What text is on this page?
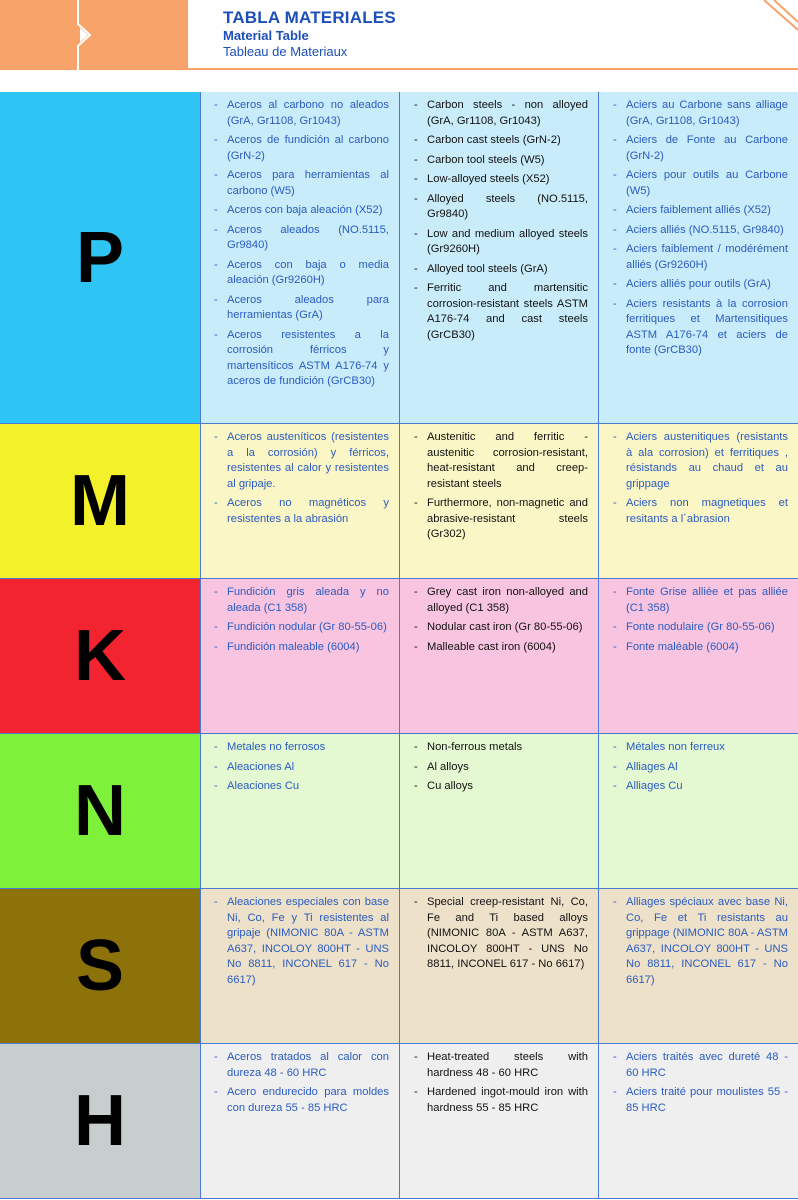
TABLA MATERIALES
Material Table
Tableau de Materiaux
P
- Aceros al carbono no aleados (GrA, Gr1108, Gr1043)
- Aceros de fundición al carbono (GrN-2)
- Aceros para herramientas al carbono (W5)
- Aceros con baja aleación (X52)
- Aceros aleados (NO.5115, Gr9840)
- Aceros con baja o media aleación (Gr9260H)
- Aceros aleados para herramientas (GrA)
- Aceros resistentes a la corrosión férricos y martensíticos ASTM A176-74 y aceros de fundición (GrCB30)
- Carbon steels - non alloyed (GrA, Gr1108, Gr1043)
- Carbon cast steels (GrN-2)
- Carbon tool steels (W5)
- Low-alloyed steels (X52)
- Alloyed steels (NO.5115, Gr9840)
- Low and medium alloyed steels (Gr9260H)
- Alloyed tool steels (GrA)
- Ferritic and martensitic corrosion-resistant steels ASTM A176-74 and cast steels (GrCB30)
- Aciers au Carbone sans alliage (GrA, Gr1108, Gr1043)
- Aciers de Fonte au Carbone (GrN-2)
- Aciers pour outils au Carbone (W5)
- Aciers faiblement alliés (X52)
- Aciers alliés (NO.5115, Gr9840)
- Aciers faiblement / modérément alliés (Gr9260H)
- Aciers alliés pour outils (GrA)
- Aciers resistants à la corrosion ferritiques et Martensitiques ASTM A176-74 et aciers de fonte (GrCB30)
M
- Aceros austeníticos (resistentes a la corrosión) y férricos, resistentes al calor y resistentes al gripaje.
- Aceros no magnéticos y resistentes a la abrasión
- Austenitic and ferritic - austenitic corrosion-resistant, heat-resistant and creep-resistant steels
- Furthermore, non-magnetic and abrasive-resistant steels (Gr302)
- Aciers austenitiques (resistants à ala corrosion) et ferritiques , résistands au chaud et au grippage
- Aciers non magnetiques et resitants a l´abrasion
K
- Fundición gris aleada y no aleada (C1 358)
- Fundición nodular (Gr 80-55-06)
- Fundición maleable (6004)
- Grey cast iron non-alloyed and alloyed (C1 358)
- Nodular cast iron (Gr 80-55-06)
- Malleable cast iron (6004)
- Fonte Grise alliée et pas alliée (C1 358)
- Fonte nodulaire (Gr 80-55-06)
- Fonte maléable (6004)
N
- Metales no ferrosos
- Aleaciones Al
- Aleaciones Cu
- Non-ferrous metals
- Al alloys
- Cu alloys
- Métales non ferreux
- Alliages Al
- Alliages Cu
S
- Aleaciones especiales con base Ni, Co, Fe y Ti resistentes al gripaje (NIMONIC 80A - ASTM A637, INCOLOY 800HT - UNS No 8811, INCONEL 617 - No 6617)
- Special creep-resistant Ni, Co, Fe and Ti based alloys (NIMONIC 80A - ASTM A637, INCOLOY 800HT - UNS No 8811, INCONEL 617 - No 6617)
- Alliages spéciaux avec base Ni, Co, Fe et Ti resistants au grippage (NIMONIC 80A - ASTM A637, INCOLOY 800HT - UNS No 8811, INCONEL 617 - No 6617)
H
- Aceros tratados al calor con dureza 48 - 60 HRC
- Acero endurecido para moldes con dureza 55 - 85 HRC
- Heat-treated steels with hardness 48 - 60 HRC
- Hardened ingot-mould iron with hardness 55 - 85 HRC
- Aciers traités avec dureté 48 - 60 HRC
- Aciers traité pour moulistes 55 - 85 HRC
